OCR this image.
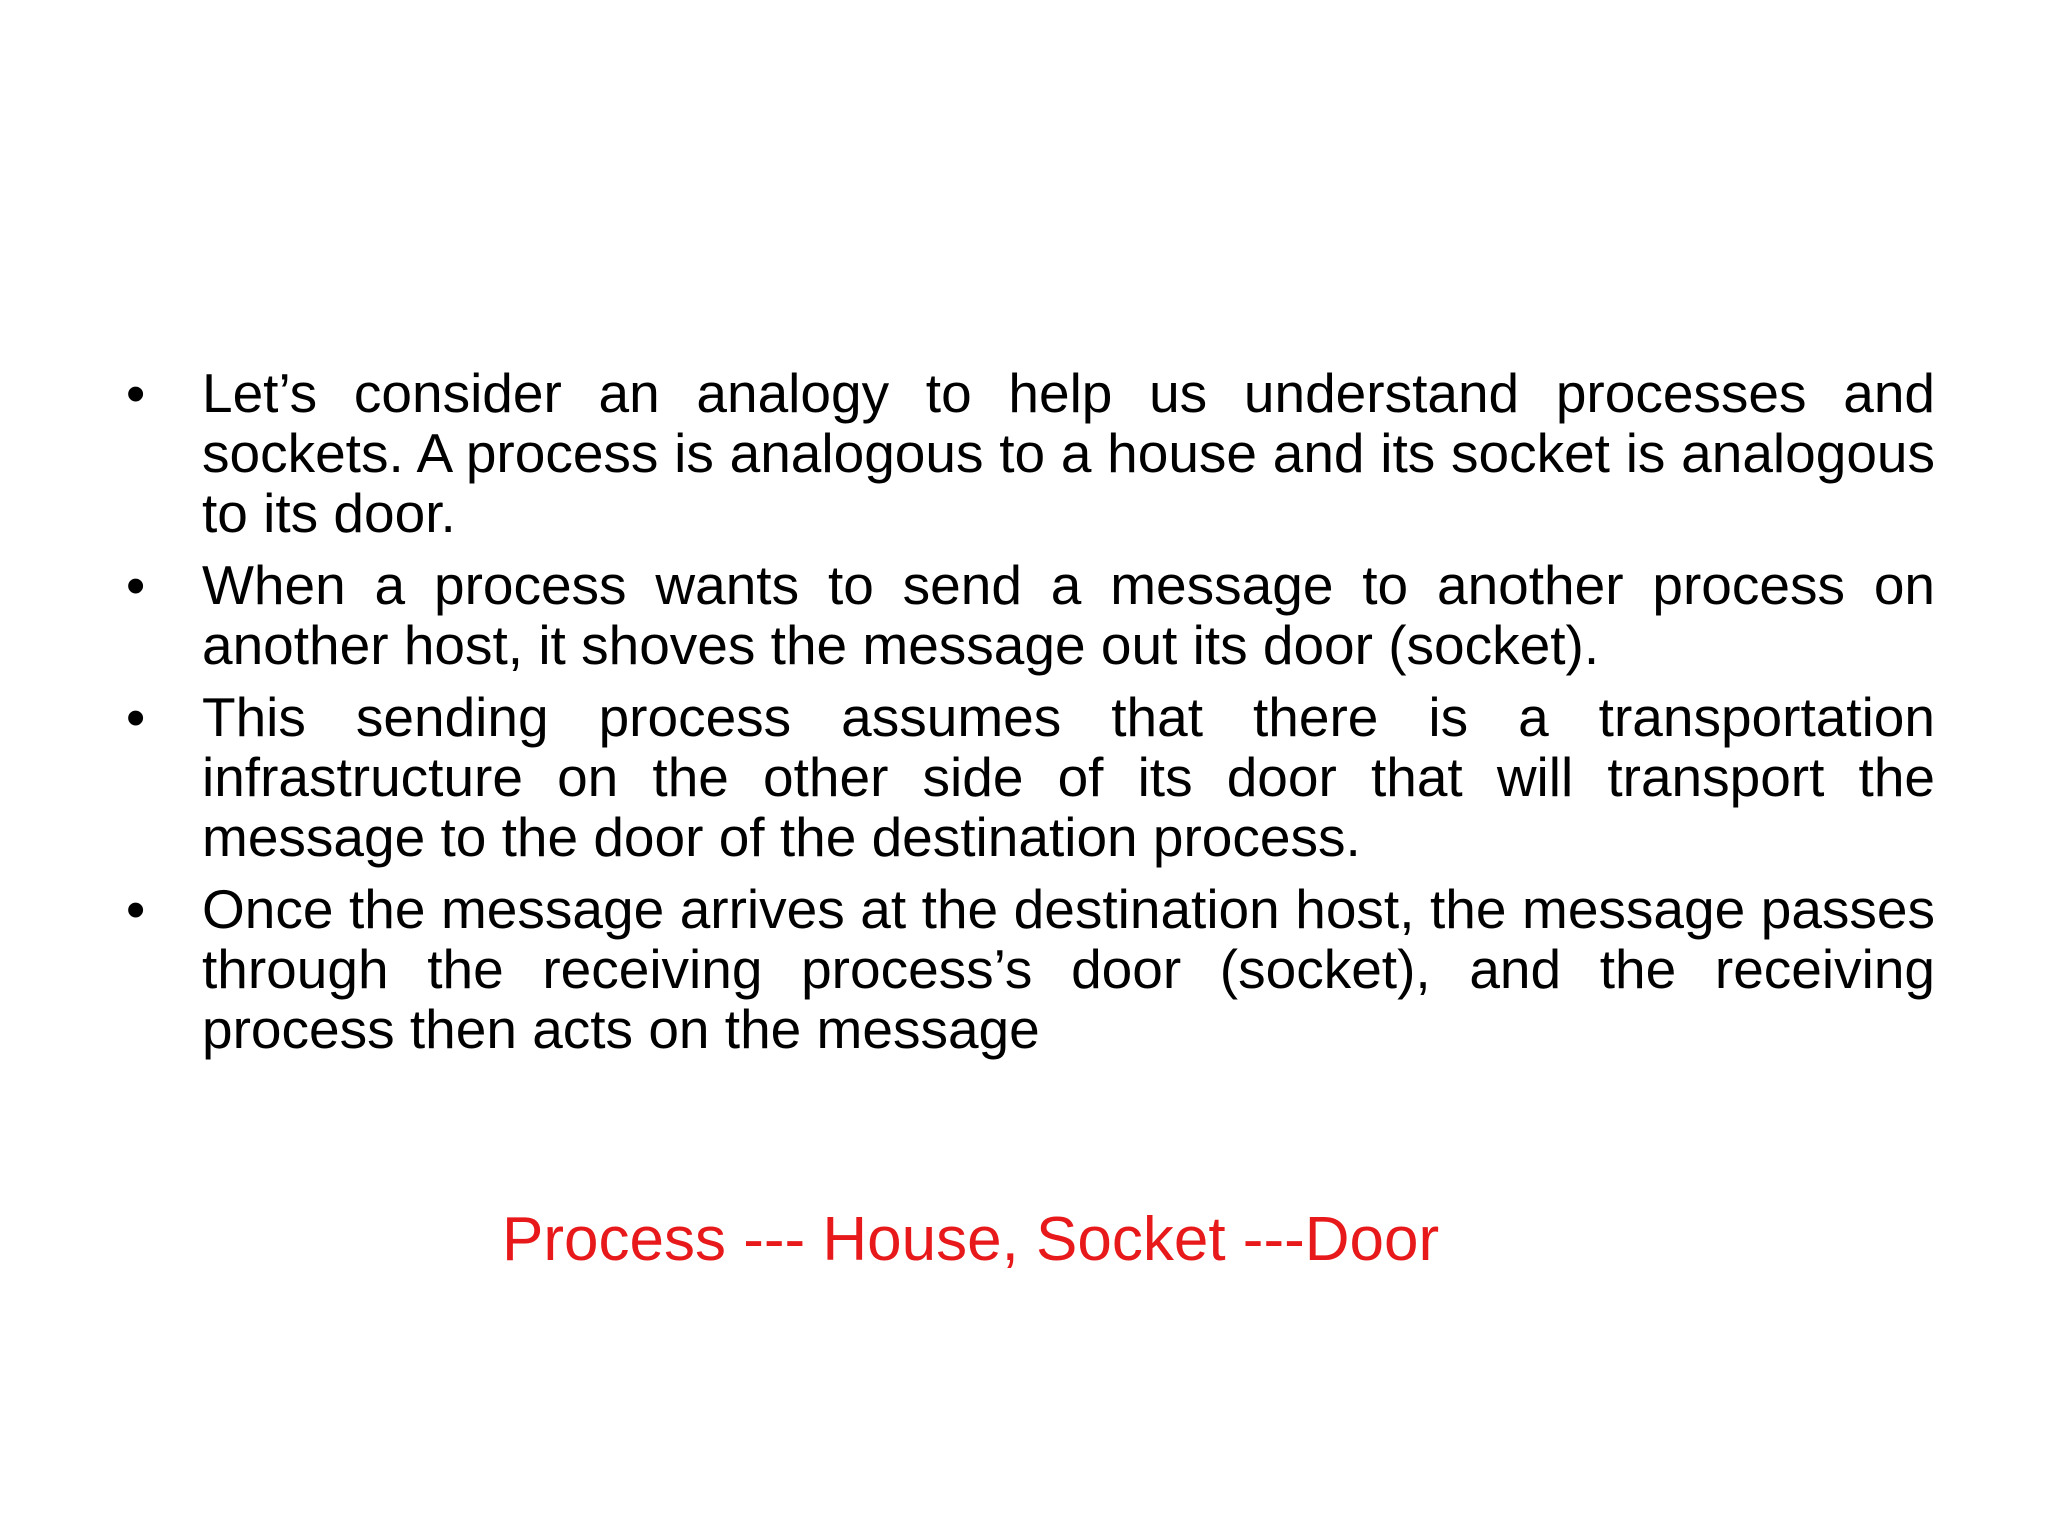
•	Let’s consider an analogy to help us understand processes and sockets. A process is analogous to a house and its socket is analogous to its door.
•	When a process wants to send a message to another process on another host, it shoves the message out its door (socket).
•	This sending process assumes that there is a transportation infrastructure on the other side of its door that will transport the message to the door of the destination process.
•	Once the message arrives at the destination host, the message passes through the receiving process’s door (socket), and the receiving process then acts on the message

Process --- House, Socket ---Door
